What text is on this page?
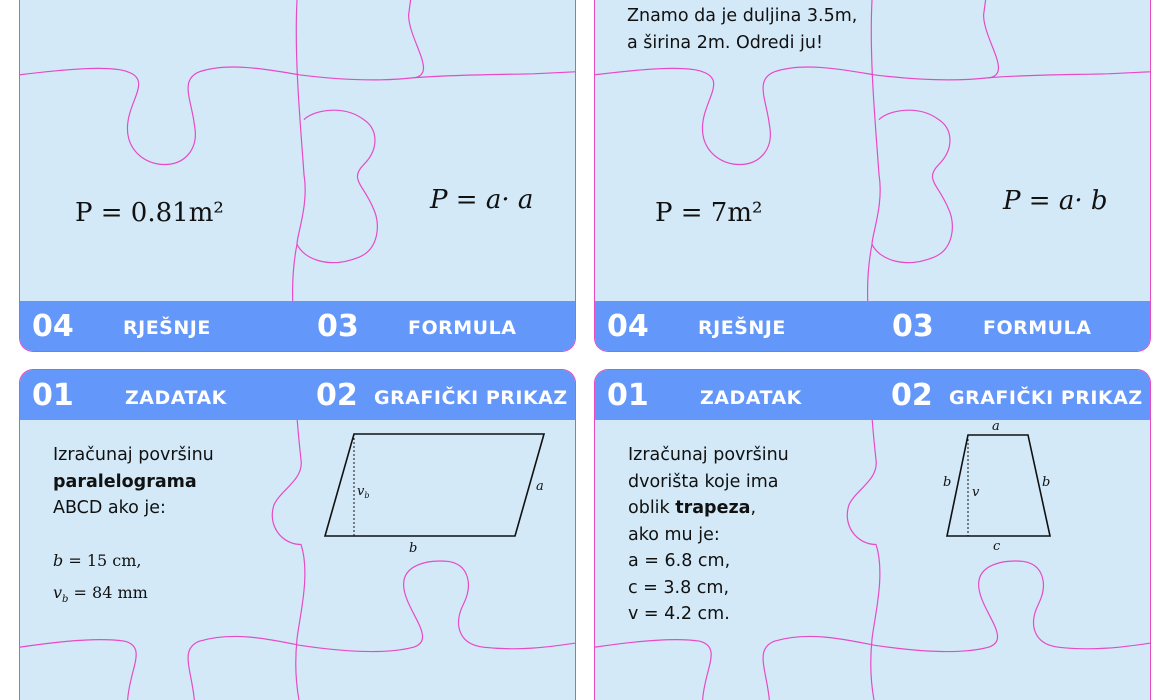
P = 0.81m²	P = a· a
04	RJEŠNJE	03	FORMULA
Znamo da je duljina 3.5m,
a širina 2m. Odredi ju!
P = 7m²	P = a· b
04	RJEŠNJE	03	FORMULA
01	ZADATAK	02 GRAFIČKI PRIKAZ
Izračunaj površinu
paralelograma
ABCD ako je:
b = 15 cm,
$v_b = 84$ mm
$v_b$
a
b
01	ZADATAK	02 GRAFIČKI PRIKAZ
Izračunaj površinu
dvorišta koje ima
oblik trapeza,
ako mu je:
a = 6.8 cm,
c = 3.8 cm,
v = 4.2 cm.
a
b	b
v
c
